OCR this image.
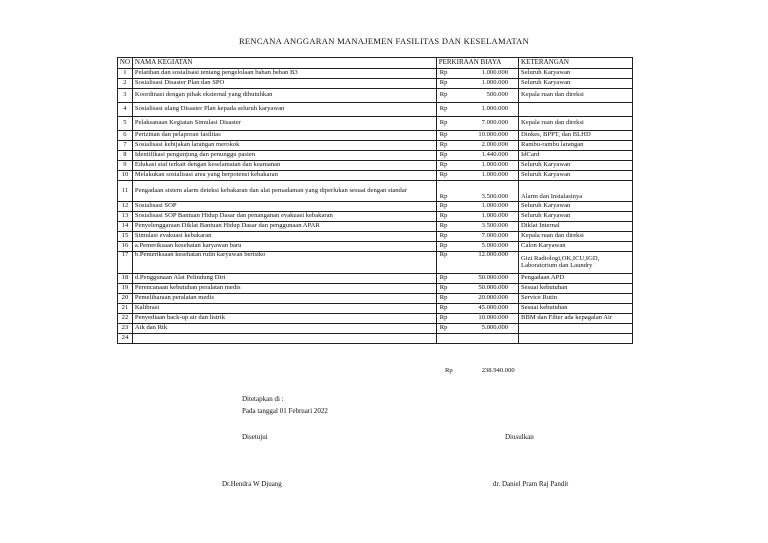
RENCANA ANGGARAN MANAJEMEN FASILITAS DAN KESELAMATAN
NO	NAMA KEGIATAN	PERKIRAAN BIAYA		KETERANGAN
1	Pelatihan dan sosialisasi tentang pengelolaan bahan beban B3	Rp	1.000.000	Seluruh Karyawan
2	Sosialisasi Disaster Plan dan SPO	Rp	1.000.000	Seluruh Karyawan
3	Koordinasi dengan pihak eksternal yang dibutuhkan	Rp	500.000	Kepala ruan dan direksi
4	Sosialisasi ulang Disaster Plan kepada seluruh karyawan	Rp	1.000.000	
5	Pelaksanaan Kegiatan Simulasi Disaster	Rp	7.000.000	Kepala ruan dan direksi
6	Perizinan dan pelaporan fasilitas	Rp	10.000.000	Dinkes, BPPT, dan BLHD
7	Sosialisasi kebijakan larangan merokok	Rp	2.000.000	Rambu-rambu larangan
8	Identifikasi pengunjung dan penunggu pasien	Rp	1.440.000	IdCard
9	Edukasi staf terkait dengan keselamatan dan keamanan	Rp	1.000.000	Seluruh Karyawan
10	Melakukan sosialisasi area yang berpotensi kebakaran	Rp	1.000.000	Seluruh Karyawan
11	Pengadaan sistem alarm deteksi kebakaran dan alat pemadaman yang diperlukan sesuai dengan standar	Rp	3.500.000	Alarm dan Instalasinya
12	Sosialisasi SOP	Rp	1.000.000	Seluruh Karyawan
13	Sosialisasi SOP Bantuan Hidup Dasar dan penanganan evakuasi kebakaran	Rp	1.000.000	Seluruh Karyawan
14	Penyelenggaraan Diklat Bantuan Hidup Dasar dan penggunaan APAR	Rp	3.500.000	Diklat Internal
15	Simulasi evakuasi kebakaran	Rp	7.000.000	Kepala ruan dan direksi
16	a.Pemeriksaan kesehatan karyawan baru	Rp	5.000.000	Calon Karyawan
17	b.Pemeriksaan kesehatan rutin karyawan berisiko	Rp	12.000.000	Gizi Radiologi,OK,ICU,IGD, Laboratorium dan Laundry
18	d.Penggunaan Alat Pelindung Diri	Rp	50.000.000	Pengadaan APD
19	Perencanaan kebutuhan peralatan medis	Rp	50.000.000	Sesuai kebutuhan
20	Pemeliharaan peralatan medis	Rp	20.000.000	Service Rutin
21	Kalibrasi	Rp	45.000.000	Sesuai kebutuhan
22	Penyediaan back-up air dan listrik	Rp	10.000.000	BBM dan Filter ada kepagalan Air
23	Atk dan Rtk	Rp	5.000.000	
24				
Rp	238.940.000
Ditetapkan di :
Pada tanggal 01 Februari 2022
Disetujui	Diusulkan
Dr.Hendra W Djuang	dr. Daniel Pram Raj Pandit
